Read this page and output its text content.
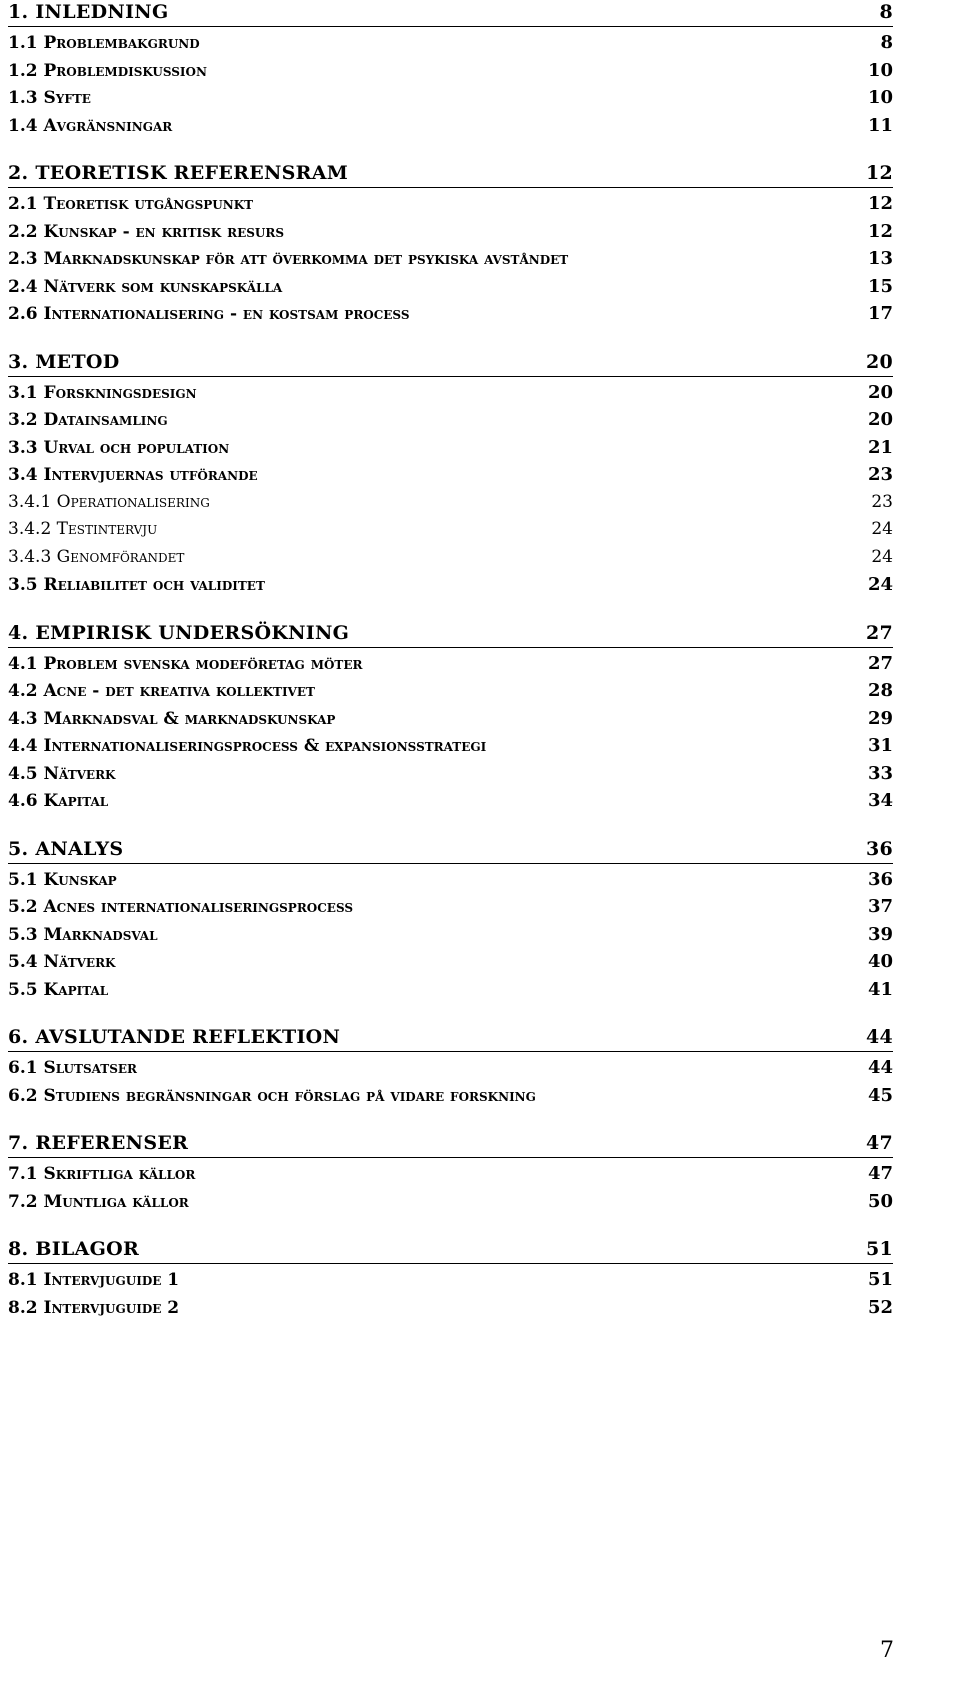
1. INLEDNING	8
1.1 Problembakgrund	8
1.2 Problemdiskussion	10
1.3 Syfte	10
1.4 Avgränsningar	11
2. TEORETISK REFERENSRAM	12
2.1 Teoretisk utgångspunkt	12
2.2 Kunskap - en kritisk resurs	12
2.3 Marknadskunskap för att överkomma det psykiska avståndet	13
2.4 Nätverk som kunskapskälla	15
2.6 Internationalisering - en kostsam process	17
3. METOD	20
3.1 Forskningsdesign	20
3.2 Datainsamling	20
3.3 Urval och population	21
3.4 Intervjuernas utförande	23
3.4.1 Operationalisering	23
3.4.2 Testintervju	24
3.4.3 Genomförandet	24
3.5 Reliabilitet och validitet	24
4. EMPIRISK UNDERSÖKNING	27
4.1 Problem svenska modeföretag möter	27
4.2 Acne - det kreativa kollektivet	28
4.3 Marknadsval & marknadskunskap	29
4.4 Internationaliseringsprocess & expansionsstrategi	31
4.5 Nätverk	33
4.6 Kapital	34
5. ANALYS	36
5.1 Kunskap	36
5.2 Acnes internationaliseringsprocess	37
5.3 Marknadsval	39
5.4 Nätverk	40
5.5 Kapital	41
6. AVSLUTANDE REFLEKTION	44
6.1 Slutsatser	44
6.2 Studiens begränsningar och förslag på vidare forskning	45
7. REFERENSER	47
7.1 Skriftliga källor	47
7.2 Muntliga källor	50
8. BILAGOR	51
8.1 Intervjuguide 1	51
8.2 Intervjuguide 2	52
7
